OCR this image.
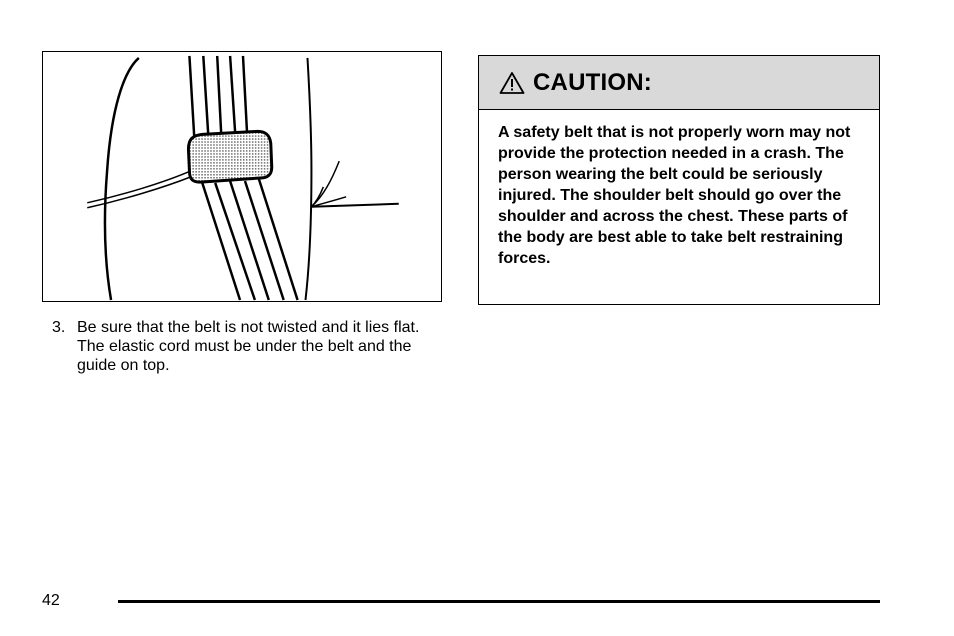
3. Be sure that the belt is not twisted and it lies flat. The elastic cord must be under the belt and the guide on top.
CAUTION:
A safety belt that is not properly worn may not provide the protection needed in a crash. The person wearing the belt could be seriously injured. The shoulder belt should go over the shoulder and across the chest. These parts of the body are best able to take belt restraining forces.
42
